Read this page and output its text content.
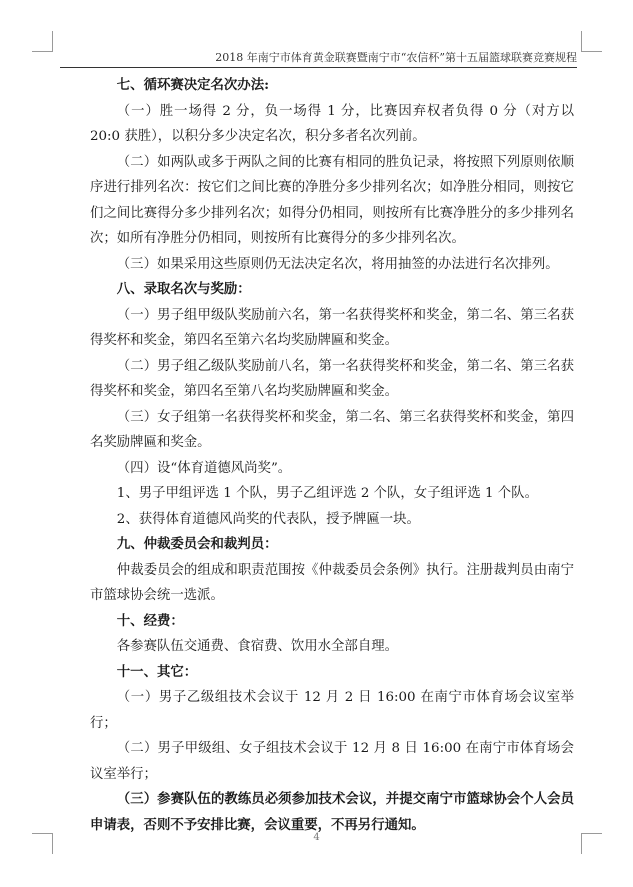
2018 年南宁市体育黄金联赛暨南宁市“农信杯”第十五届篮球联赛竞赛规程

七、循环赛决定名次办法:

（一）胜一场得 2 分，负一场得 1 分，比赛因弃权者负得 0 分（对方以 20:0 获胜），以积分多少决定名次，积分多者名次列前。

（二）如两队或多于两队之间的比赛有相同的胜负记录，将按照下列原则依顺序进行排列名次：按它们之间比赛的净胜分多少排列名次；如净胜分相同，则按它们之间比赛得分多少排列名次；如得分仍相同，则按所有比赛净胜分的多少排列名次；如所有净胜分仍相同，则按所有比赛得分的多少排列名次。

（三）如果采用这些原则仍无法决定名次，将用抽签的办法进行名次排列。

八、录取名次与奖励：

（一）男子组甲级队奖励前六名，第一名获得奖杯和奖金，第二名、第三名获得奖杯和奖金，第四名至第六名均奖励牌匾和奖金。

（二）男子组乙级队奖励前八名，第一名获得奖杯和奖金，第二名、第三名获得奖杯和奖金，第四名至第八名均奖励牌匾和奖金。

（三）女子组第一名获得奖杯和奖金，第二名、第三名获得奖杯和奖金，第四名奖励牌匾和奖金。

（四）设“体育道德风尚奖”。

1、男子甲组评选 1 个队，男子乙组评选 2 个队，女子组评选 1 个队。

2、获得体育道德风尚奖的代表队，授予牌匾一块。

九、仲裁委员会和裁判员：

仲裁委员会的组成和职责范围按《仲裁委员会条例》执行。注册裁判员由南宁市篮球协会统一选派。

十、经费：

各参赛队伍交通费、食宿费、饮用水全部自理。

十一、其它：

（一）男子乙级组技术会议于 12 月 2 日 16:00 在南宁市体育场会议室举行；

（二）男子甲级组、女子组技术会议于 12 月 8 日 16:00 在南宁市体育场会议室举行；

（三）参赛队伍的教练员必须参加技术会议，并提交南宁市篮球协会个人会员申请表，否则不予安排比赛，会议重要，不再另行通知。

4
